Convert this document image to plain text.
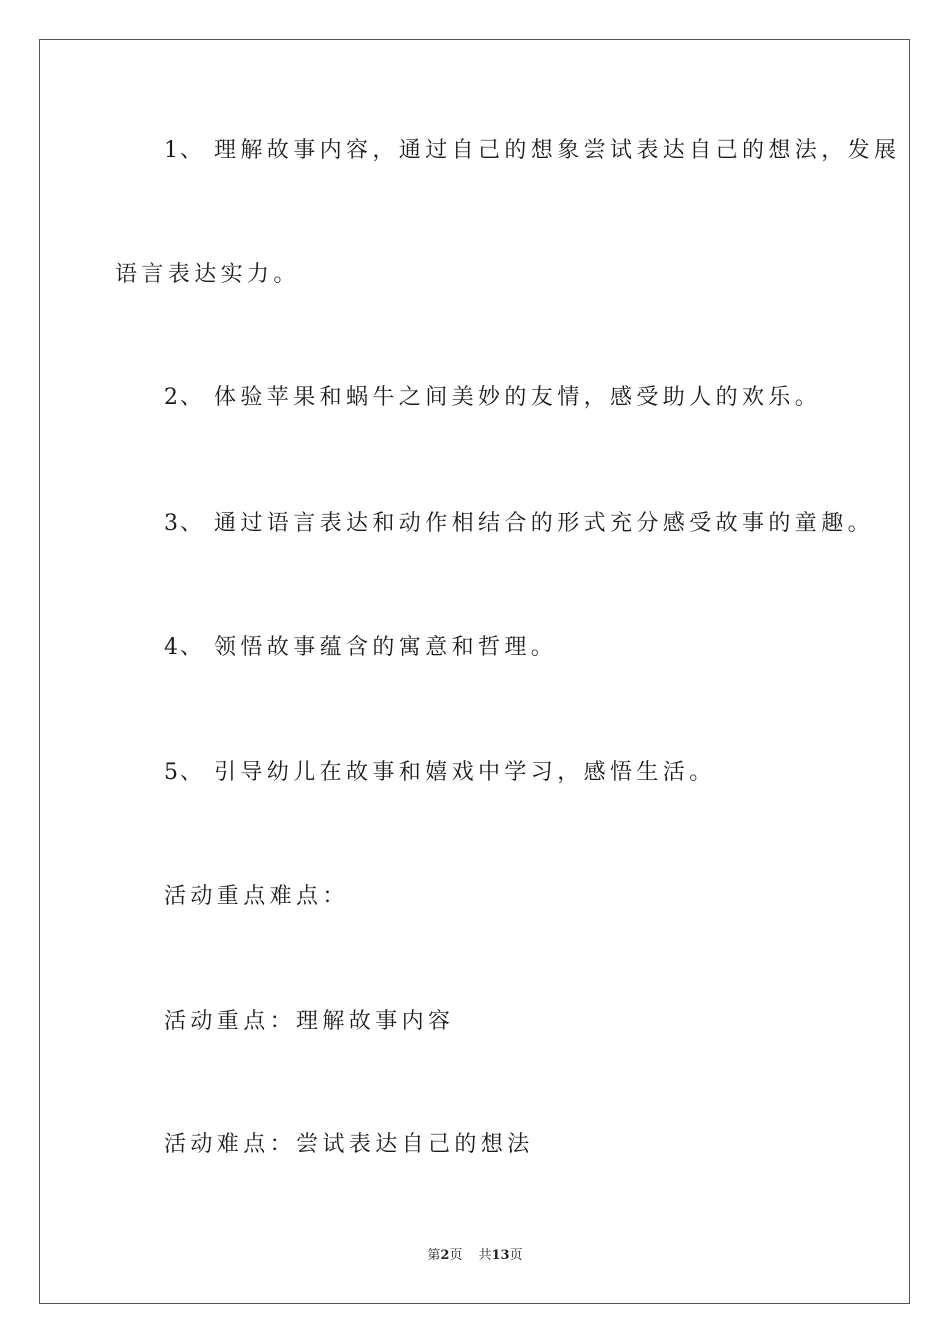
1、 理解故事内容，通过自己的想象尝试表达自己的想法，发展
语言表达实力。
2、 体验苹果和蜗牛之间美妙的友情，感受助人的欢乐。
3、 通过语言表达和动作相结合的形式充分感受故事的童趣。
4、 领悟故事蕴含的寓意和哲理。
5、 引导幼儿在故事和嬉戏中学习，感悟生活。
活动重点难点：
活动重点：理解故事内容
活动难点：尝试表达自己的想法
第2页 共13页
